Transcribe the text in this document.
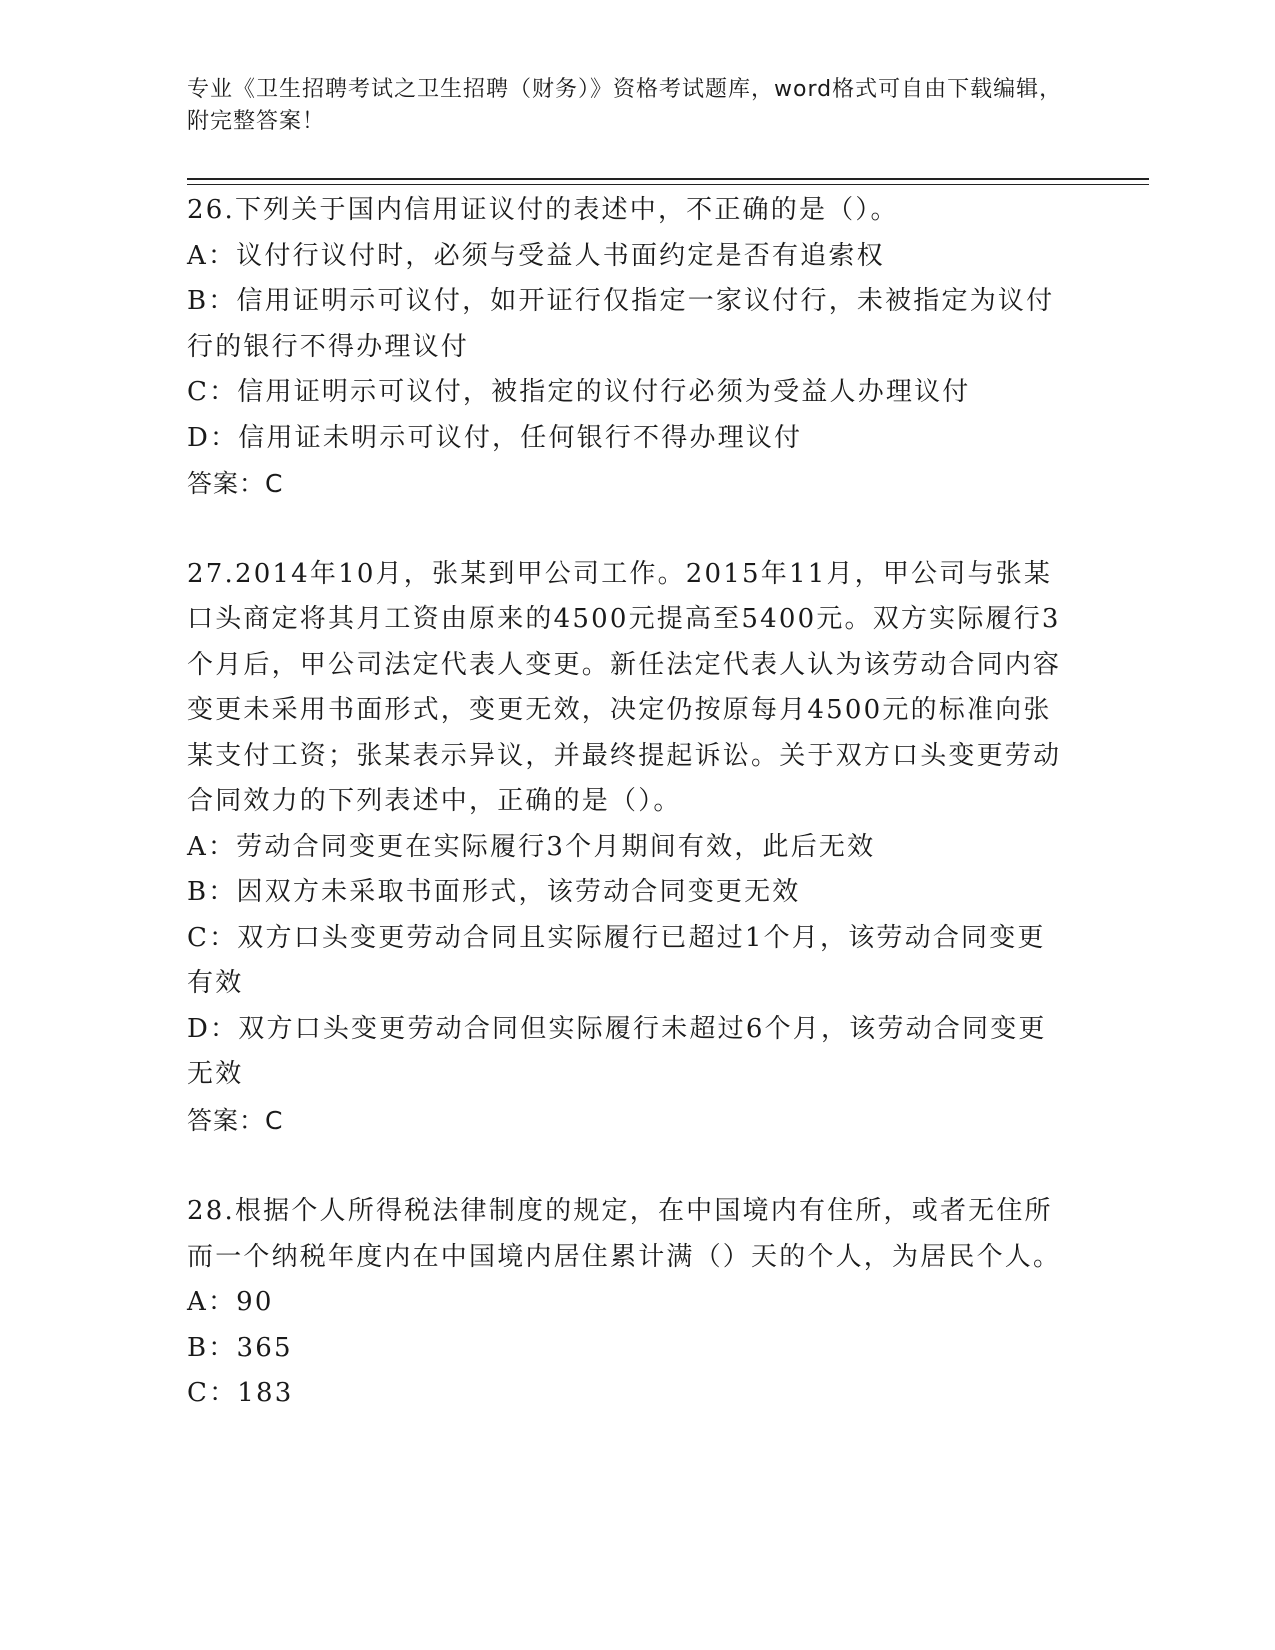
专业《卫生招聘考试之卫生招聘（财务）》资格考试题库，word格式可自由下载编辑，附完整答案！

26.下列关于国内信用证议付的表述中，不正确的是（）。

A：议付行议付时，必须与受益人书面约定是否有追索权

B：信用证明示可议付，如开证行仅指定一家议付行，未被指定为议付行的银行不得办理议付

C：信用证明示可议付，被指定的议付行必须为受益人办理议付

D：信用证未明示可议付，任何银行不得办理议付

答案：C

27.2014年10月，张某到甲公司工作。2015年11月，甲公司与张某口头商定将其月工资由原来的4500元提高至5400元。双方实际履行3个月后，甲公司法定代表人变更。新任法定代表人认为该劳动合同内容变更未采用书面形式，变更无效，决定仍按原每月4500元的标准向张某支付工资；张某表示异议，并最终提起诉讼。关于双方口头变更劳动合同效力的下列表述中，正确的是（）。

A：劳动合同变更在实际履行3个月期间有效，此后无效

B：因双方未采取书面形式，该劳动合同变更无效

C：双方口头变更劳动合同且实际履行已超过1个月，该劳动合同变更有效

D：双方口头变更劳动合同但实际履行未超过6个月，该劳动合同变更无效

答案：C

28.根据个人所得税法律制度的规定，在中国境内有住所，或者无住所而一个纳税年度内在中国境内居住累计满（）天的个人，为居民个人。

A：90

B：365

C：183
